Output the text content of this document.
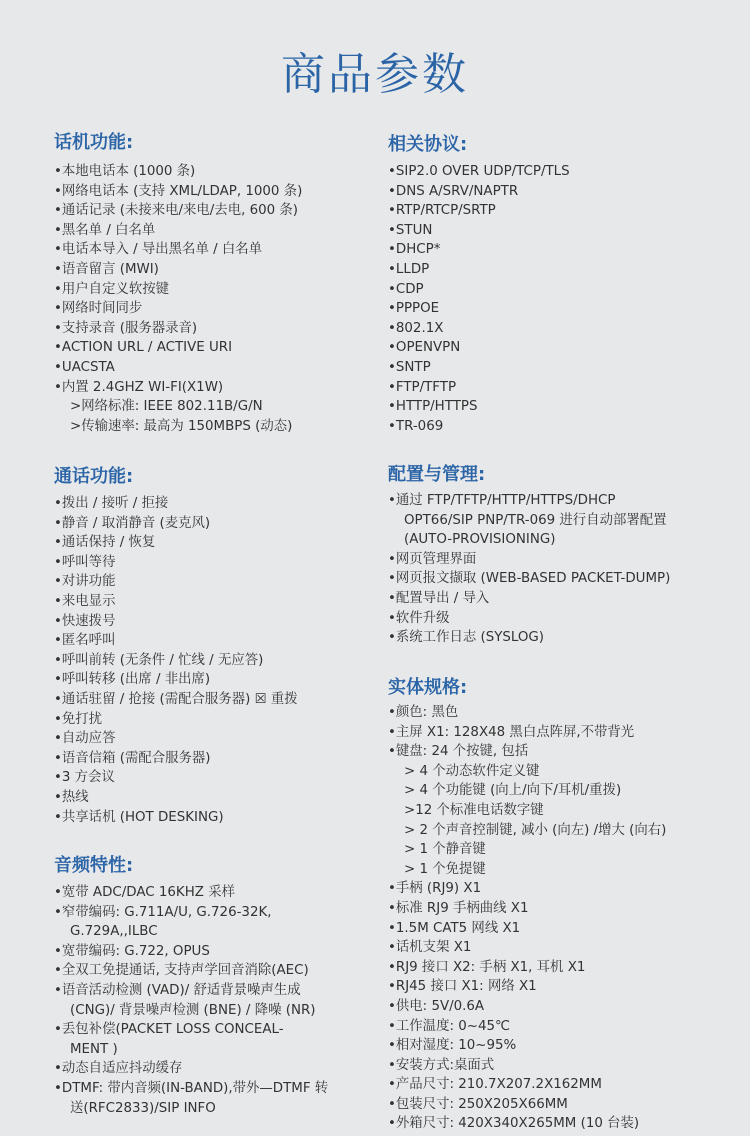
商品参数
话机功能:
•本地电话本 (1000 条)
•网络电话本 (支持 XML/LDAP, 1000 条)
•通话记录 (未接来电/来电/去电, 600 条)
•黑名单 / 白名单
•电话本导入 / 导出黑名单 / 白名单
•语音留言 (MWI)
•用户自定义软按键
•网络时间同步
•支持录音 (服务器录音)
•ACTION URL / ACTIVE URI
•UACSTA
•内置 2.4GHZ WI-FI(X1W)
>网络标准: IEEE 802.11B/G/N
>传输速率: 最高为 150MBPS (动态)
通话功能:
•拨出 / 接听 / 拒接
•静音 / 取消静音 (麦克风)
•通话保持 / 恢复
•呼叫等待
•对讲功能
•来电显示
•快速拨号
•匿名呼叫
•呼叫前转 (无条件 / 忙线 / 无应答)
•呼叫转移 (出席 / 非出席)
•通话驻留 / 抢接 (需配合服务器) ☒ 重拨
•免打扰
•自动应答
•语音信箱 (需配合服务器)
•3 方会议
•热线
•共享话机 (HOT DESKING)
音频特性:
•宽带 ADC/DAC 16KHZ 采样
•窄带编码: G.711A/U, G.726-32K,
G.729A,,ILBC
•宽带编码: G.722, OPUS
•全双工免提通话, 支持声学回音消除(AEC)
•语音活动检测 (VAD)/ 舒适背景噪声生成
(CNG)/ 背景噪声检测 (BNE) / 降噪 (NR)
•丢包补偿(PACKET LOSS CONCEAL-
MENT )
•动态自适应抖动缓存
•DTMF: 带内音频(IN-BAND),带外—DTMF 转
送(RFC2833)/SIP INFO
相关协议:
•SIP2.0 OVER UDP/TCP/TLS
•DNS A/SRV/NAPTR
•RTP/RTCP/SRTP
•STUN
•DHCP*
•LLDP
•CDP
•PPPOE
•802.1X
•OPENVPN
•SNTP
•FTP/TFTP
•HTTP/HTTPS
•TR-069
配置与管理:
•通过 FTP/TFTP/HTTP/HTTPS/DHCP
OPT66/SIP PNP/TR-069 进行自动部署配置
(AUTO-PROVISIONING)
•网页管理界面
•网页报文撷取 (WEB-BASED PACKET-DUMP)
•配置导出 / 导入
•软件升级
•系统工作日志 (SYSLOG)
实体规格:
•颜色: 黑色
•主屏 X1: 128X48 黑白点阵屏,不带背光
•键盘: 24 个按键, 包括
> 4 个动态软件定义键
> 4 个功能键 (向上/向下/耳机/重拨)
>12 个标准电话数字键
> 2 个声音控制键, 减小 (向左) /增大 (向右)
> 1 个静音键
> 1 个免提键
•手柄 (RJ9) X1
•标准 RJ9 手柄曲线 X1
•1.5M CAT5 网线 X1
•话机支架 X1
•RJ9 接口 X2: 手柄 X1, 耳机 X1
•RJ45 接口 X1: 网络 X1
•供电: 5V/0.6A
•工作温度: 0~45℃
•相对湿度: 10~95%
•安装方式:桌面式
•产品尺寸: 210.7X207.2X162MM
•包装尺寸: 250X205X66MM
•外箱尺寸: 420X340X265MM (10 台装)
